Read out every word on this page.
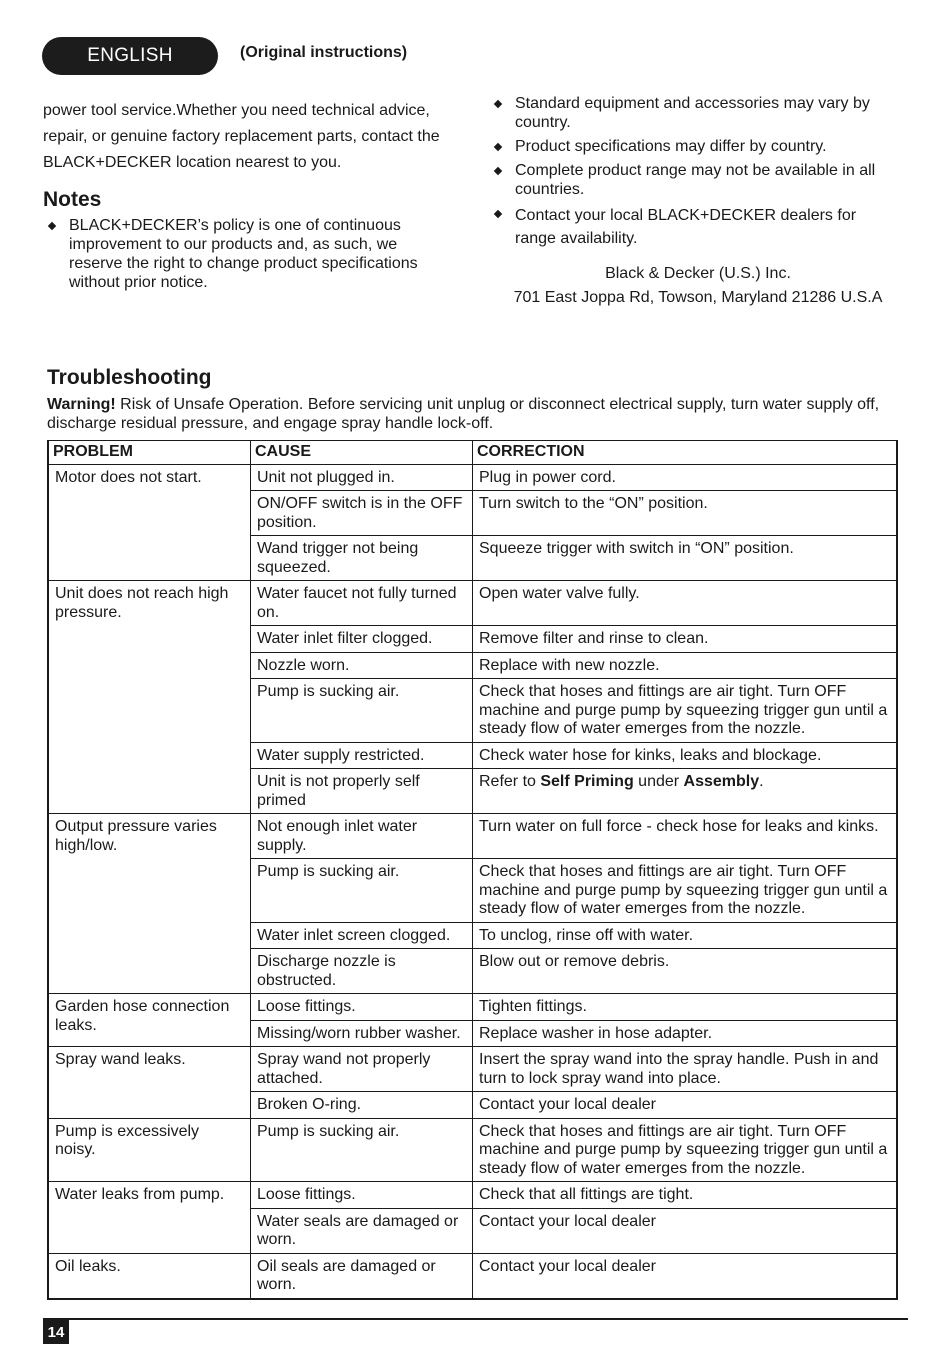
ENGLISH	(Original instructions)
power tool service.Whether you need technical advice, repair, or genuine factory replacement parts, contact the BLACK+DECKER location nearest to you.
Notes
BLACK+DECKER’s policy is one of continuous improvement to our products and, as such, we reserve the right to change product specifications without prior notice.
Standard equipment and accessories may vary by country.
Product specifications may differ by country.
Complete product range may not be available in all countries.
Contact your local BLACK+DECKER dealers for range availability.
Black & Decker (U.S.) Inc.
701 East Joppa Rd, Towson, Maryland 21286 U.S.A
Troubleshooting
Warning! Risk of Unsafe Operation. Before servicing unit unplug or disconnect electrical supply, turn water supply off, discharge residual pressure, and engage spray handle lock-off.
PROBLEM	CAUSE	CORRECTION
Motor does not start.	Unit not plugged in.	Plug in power cord.
	ON/OFF switch is in the OFF position.	Turn switch to the “ON” position.
	Wand trigger not being squeezed.	Squeeze trigger with switch in “ON” position.
Unit does not reach high pressure.	Water faucet not fully turned on.	Open water valve fully.
	Water inlet filter clogged.	Remove filter and rinse to clean.
	Nozzle worn.	Replace with new nozzle.
	Pump is sucking air.	Check that hoses and fittings are air tight. Turn OFF machine and purge pump by squeezing trigger gun until a steady flow of water emerges from the nozzle.
	Water supply restricted.	Check water hose for kinks, leaks and blockage.
	Unit is not properly self primed	Refer to Self Priming under Assembly.
Output pressure varies high/low.	Not enough inlet water supply.	Turn water on full force - check hose for leaks and kinks.
	Pump is sucking air.	Check that hoses and fittings are air tight. Turn OFF machine and purge pump by squeezing trigger gun until a steady flow of water emerges from the nozzle.
	Water inlet screen clogged.	To unclog, rinse off with water.
	Discharge nozzle is obstructed.	Blow out or remove debris.
Garden hose connection leaks.	Loose fittings.	Tighten fittings.
	Missing/worn rubber washer.	Replace washer in hose adapter.
Spray wand leaks.	Spray wand not properly attached.	Insert the spray wand into the spray handle. Push in and turn to lock spray wand into place.
	Broken O-ring.	Contact your local dealer
Pump is excessively noisy.	Pump is sucking air.	Check that hoses and fittings are air tight. Turn OFF machine and purge pump by squeezing trigger gun until a steady flow of water emerges from the nozzle.
Water leaks from pump.	Loose fittings.	Check that all fittings are tight.
	Water seals are damaged or worn.	Contact your local dealer
Oil leaks.	Oil seals are damaged or worn.	Contact your local dealer
14
